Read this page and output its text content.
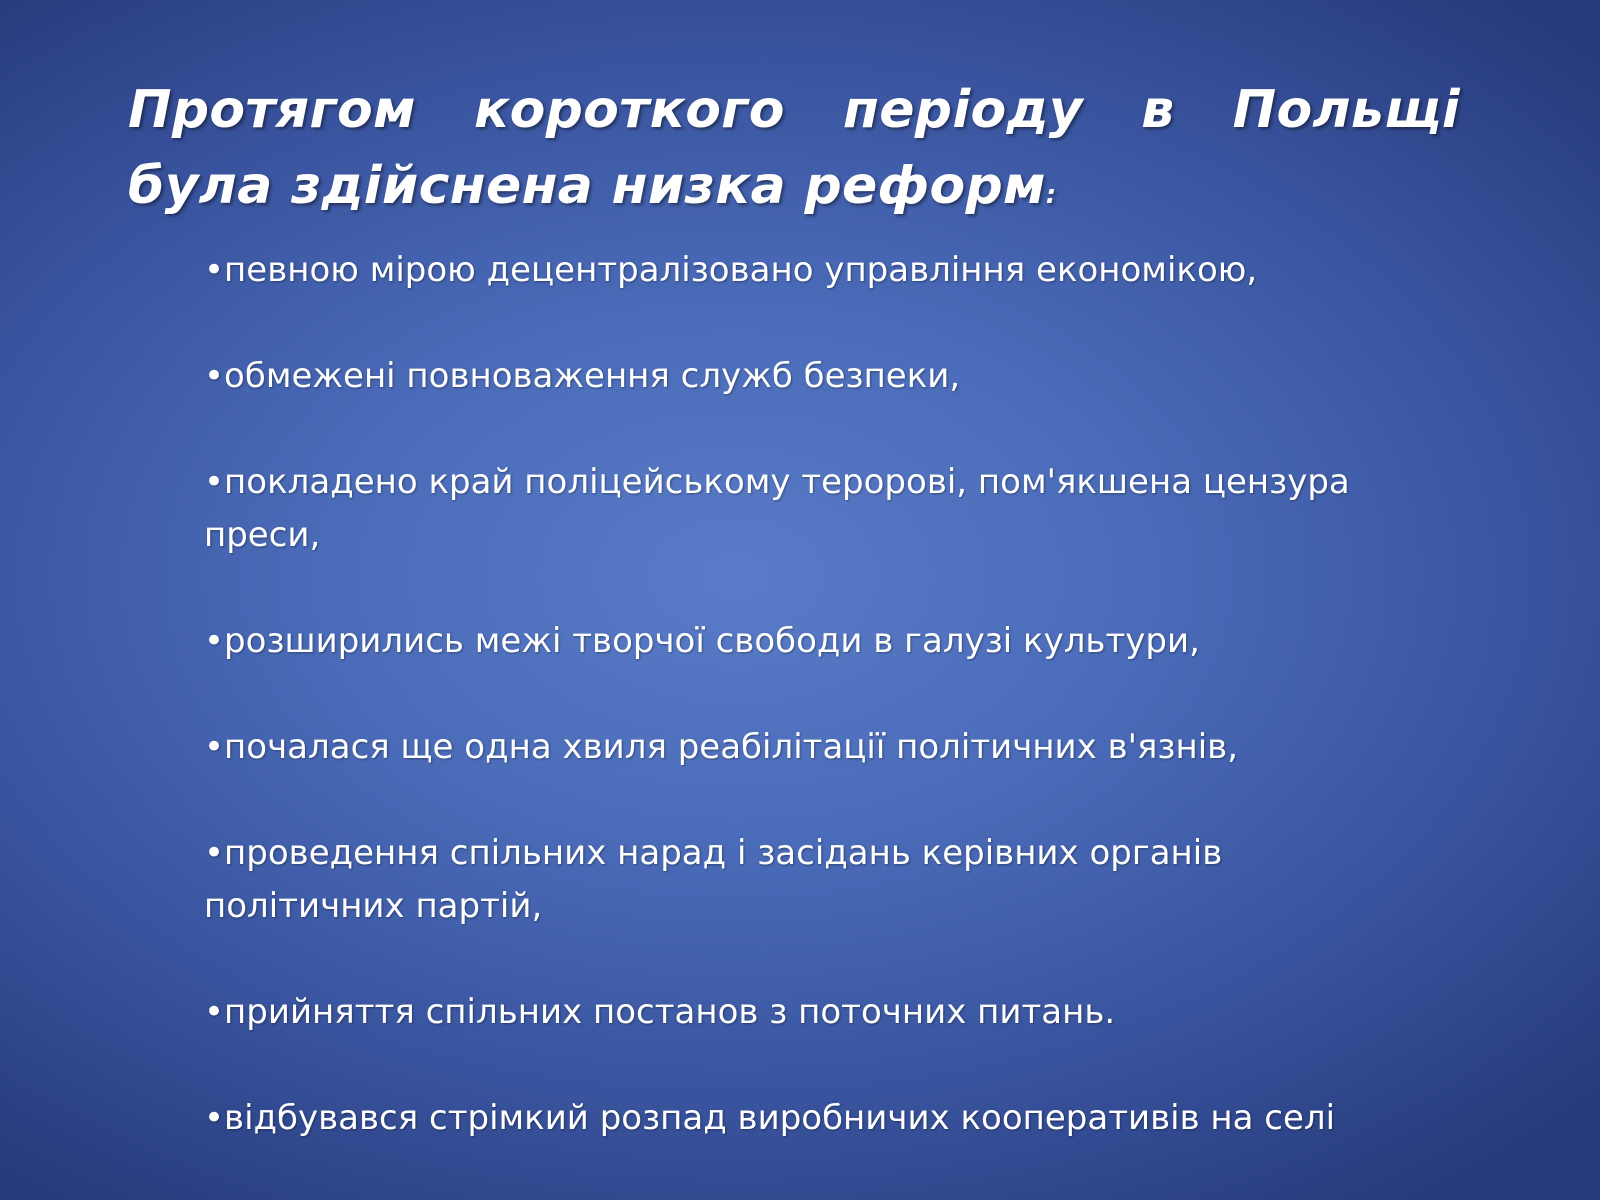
Протягом короткого періоду в Польщі була здійснена низка реформ:
•певною мірою децентралізовано управління економікою,
•обмежені повноваження служб безпеки,
•покладено край поліцейському теророві, пом'якшена цензура преси,
•розширились межі творчої свободи в галузі культури,
•почалася ще одна хвиля реабілітації політичних в'язнів,
•проведення спільних нарад і засідань керівних органів політичних партій,
•прийняття спільних постанов з поточних питань.
•відбувався стрімкий розпад виробничих кооперативів на селі
